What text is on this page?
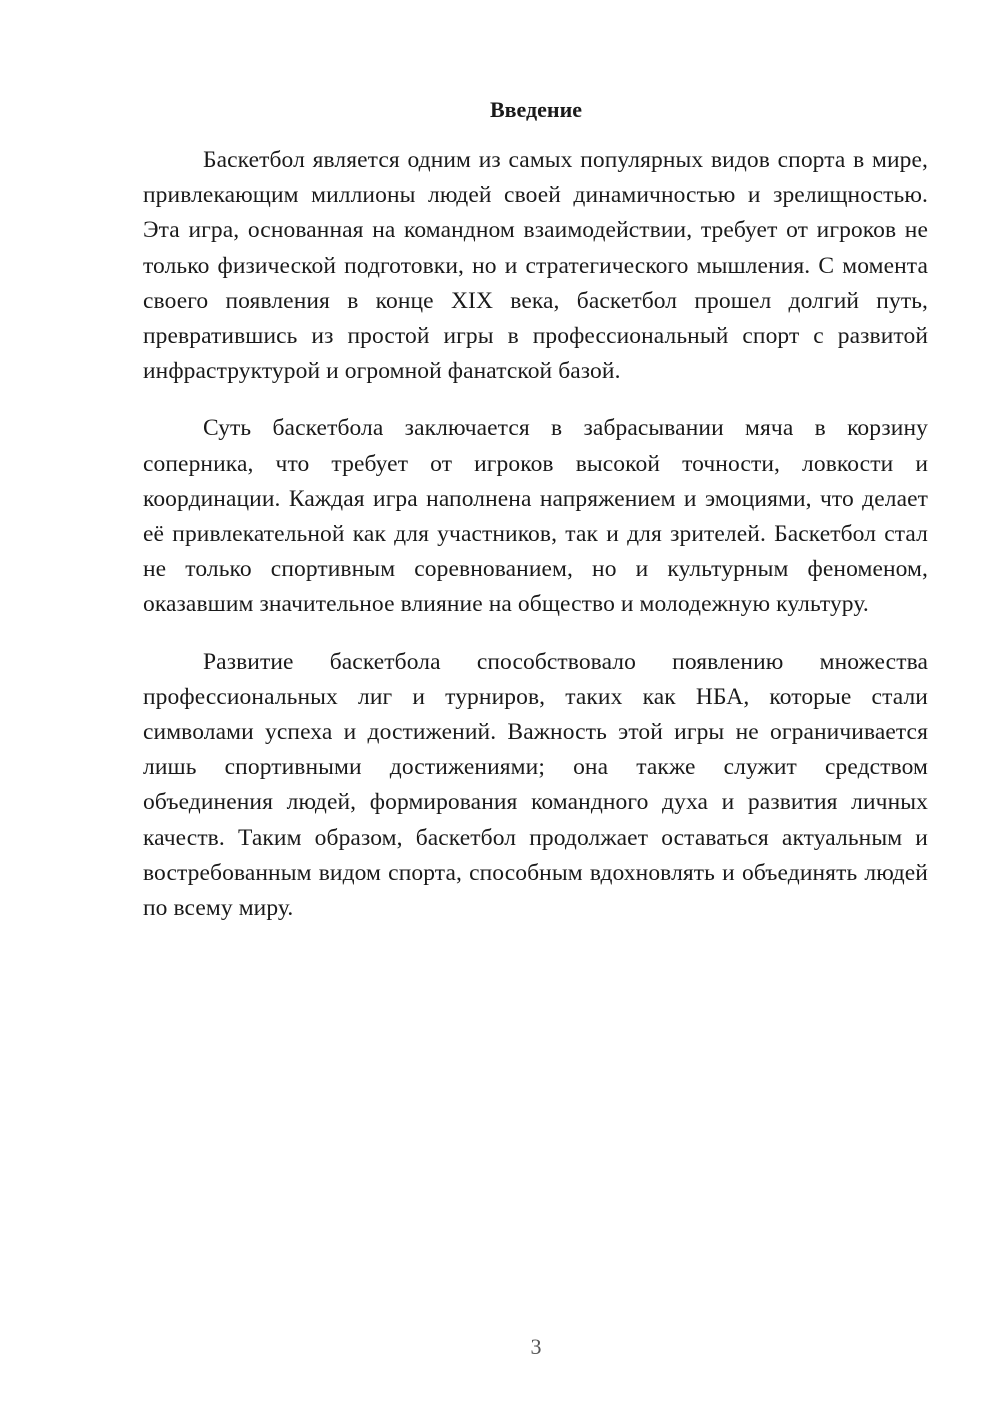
Введение

Баскетбол является одним из самых популярных видов спорта в мире, привлекающим миллионы людей своей динамичностью и зрелищностью. Эта игра, основанная на командном взаимодействии, требует от игроков не только физической подготовки, но и стратегического мышления. С момента своего появления в конце XIX века, баскетбол прошел долгий путь, превратившись из простой игры в профессиональный спорт с развитой инфраструктурой и огромной фанатской базой.

Суть баскетбола заключается в забрасывании мяча в корзину соперника, что требует от игроков высокой точности, ловкости и координации. Каждая игра наполнена напряжением и эмоциями, что делает её привлекательной как для участников, так и для зрителей. Баскетбол стал не только спортивным соревнованием, но и культурным феноменом, оказавшим значительное влияние на общество и молодежную культуру.

Развитие баскетбола способствовало появлению множества профессиональных лиг и турниров, таких как НБА, которые стали символами успеха и достижений. Важность этой игры не ограничивается лишь спортивными достижениями; она также служит средством объединения людей, формирования командного духа и развития личных качеств. Таким образом, баскетбол продолжает оставаться актуальным и востребованным видом спорта, способным вдохновлять и объединять людей по всему миру.

3
